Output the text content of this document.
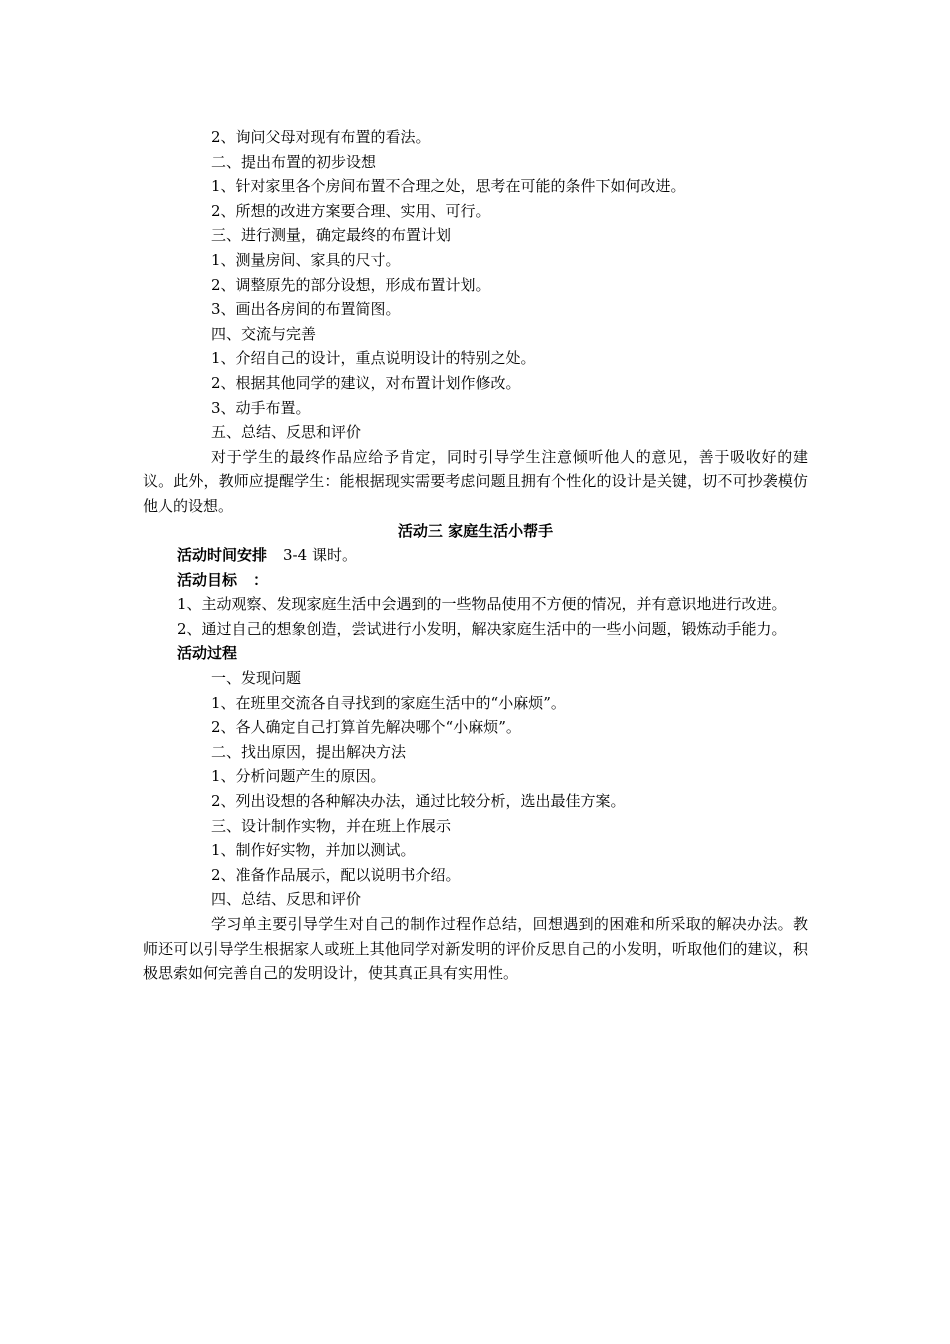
2、询问父母对现有布置的看法。

二、提出布置的初步设想

1、针对家里各个房间布置不合理之处，思考在可能的条件下如何改进。

2、所想的改进方案要合理、实用、可行。

三、进行测量，确定最终的布置计划

1、测量房间、家具的尺寸。

2、调整原先的部分设想，形成布置计划。

3、画出各房间的布置简图。

四、交流与完善

1、介绍自己的设计，重点说明设计的特别之处。

2、根据其他同学的建议，对布置计划作修改。

3、动手布置。

五、总结、反思和评价

对于学生的最终作品应给予肯定，同时引导学生注意倾听他人的意见，善于吸收好的建议。此外，教师应提醒学生：能根据现实需要考虑问题且拥有个性化的设计是关键，切不可抄袭模仿他人的设想。

活动三 家庭生活小帮手

活动时间安排 3-4 课时。

活动目标 ：

1、主动观察、发现家庭生活中会遇到的一些物品使用不方便的情况，并有意识地进行改进。

2、通过自己的想象创造，尝试进行小发明，解决家庭生活中的一些小问题，锻炼动手能力。

活动过程

一、发现问题

1、在班里交流各自寻找到的家庭生活中的“小麻烦”。

2、各人确定自己打算首先解决哪个“小麻烦”。

二、找出原因，提出解决方法

1、分析问题产生的原因。

2、列出设想的各种解决办法，通过比较分析，选出最佳方案。

三、设计制作实物，并在班上作展示

1、制作好实物，并加以测试。

2、准备作品展示，配以说明书介绍。

四、总结、反思和评价

学习单主要引导学生对自己的制作过程作总结，回想遇到的困难和所采取的解决办法。教师还可以引导学生根据家人或班上其他同学对新发明的评价反思自己的小发明，听取他们的建议，积极思索如何完善自己的发明设计，使其真正具有实用性。
